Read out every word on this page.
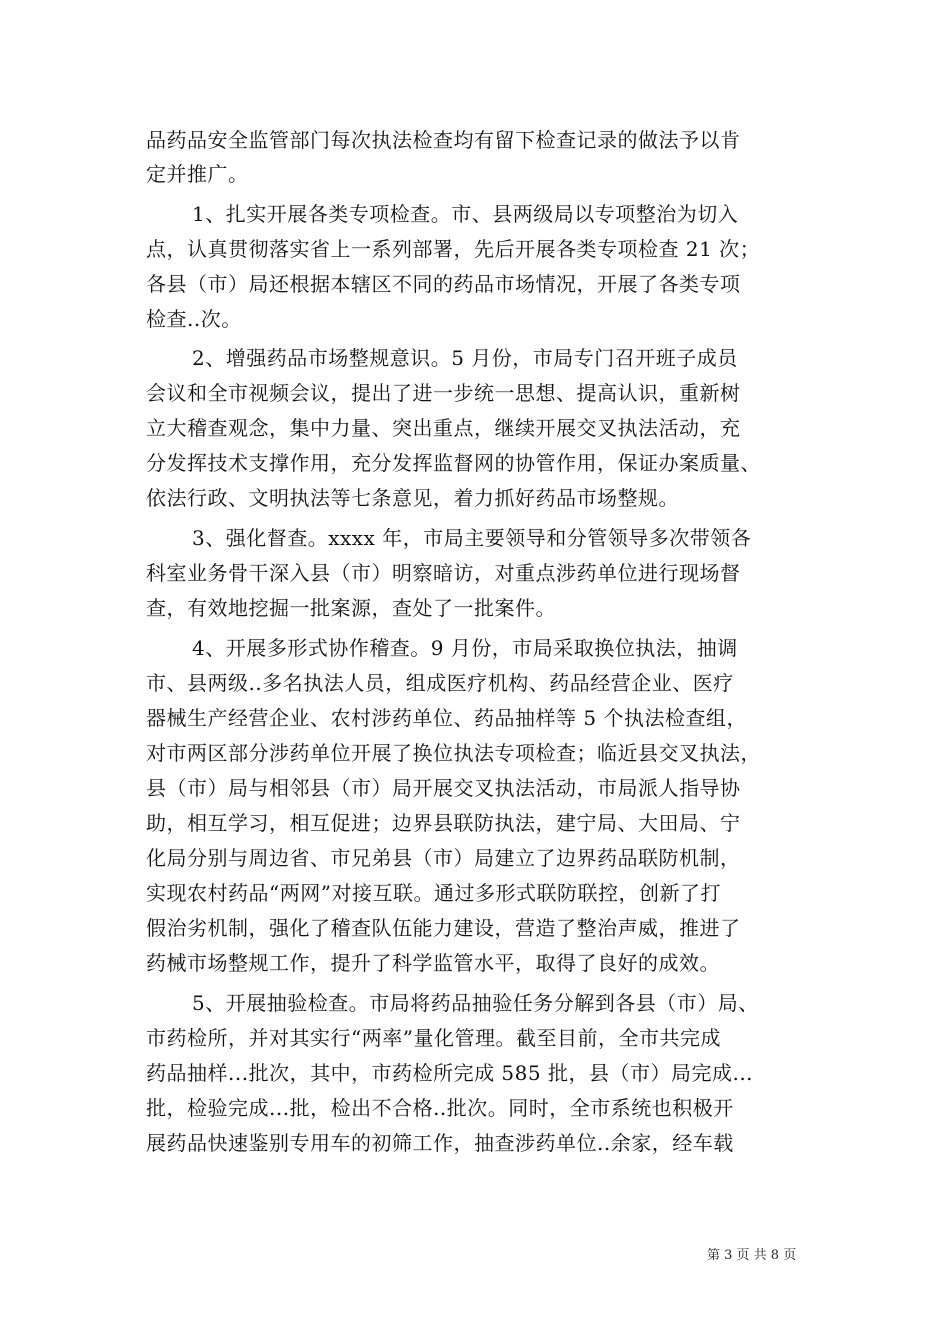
品药品安全监管部门每次执法检查均有留下检查记录的做法予以肯
定并推广。
1、扎实开展各类专项检查。市、县两级局以专项整治为切入
点，认真贯彻落实省上一系列部署，先后开展各类专项检查 21 次；
各县（市）局还根据本辖区不同的药品市场情况，开展了各类专项
检查..次。
2、增强药品市场整规意识。5 月份，市局专门召开班子成员
会议和全市视频会议，提出了进一步统一思想、提高认识，重新树
立大稽查观念，集中力量、突出重点，继续开展交叉执法活动，充
分发挥技术支撑作用，充分发挥监督网的协管作用，保证办案质量、
依法行政、文明执法等七条意见，着力抓好药品市场整规。
3、强化督查。xxxx 年，市局主要领导和分管领导多次带领各
科室业务骨干深入县（市）明察暗访，对重点涉药单位进行现场督
查，有效地挖掘一批案源，查处了一批案件。
4、开展多形式协作稽查。9 月份，市局采取换位执法，抽调
市、县两级..多名执法人员，组成医疗机构、药品经营企业、医疗
器械生产经营企业、农村涉药单位、药品抽样等 5 个执法检查组，
对市两区部分涉药单位开展了换位执法专项检查；临近县交叉执法，
县（市）局与相邻县（市）局开展交叉执法活动，市局派人指导协
助，相互学习，相互促进；边界县联防执法，建宁局、大田局、宁
化局分别与周边省、市兄弟县（市）局建立了边界药品联防机制，
实现农村药品“两网”对接互联。通过多形式联防联控，创新了打
假治劣机制，强化了稽查队伍能力建设，营造了整治声威，推进了
药械市场整规工作，提升了科学监管水平，取得了良好的成效。
5、开展抽验检查。市局将药品抽验任务分解到各县（市）局、
市药检所，并对其实行“两率”量化管理。截至目前，全市共完成
药品抽样...批次，其中，市药检所完成 585 批，县（市）局完成...
批，检验完成...批，检出不合格..批次。同时，全市系统也积极开
展药品快速鉴别专用车的初筛工作，抽查涉药单位..余家，经车载
第 3 页 共 8 页
